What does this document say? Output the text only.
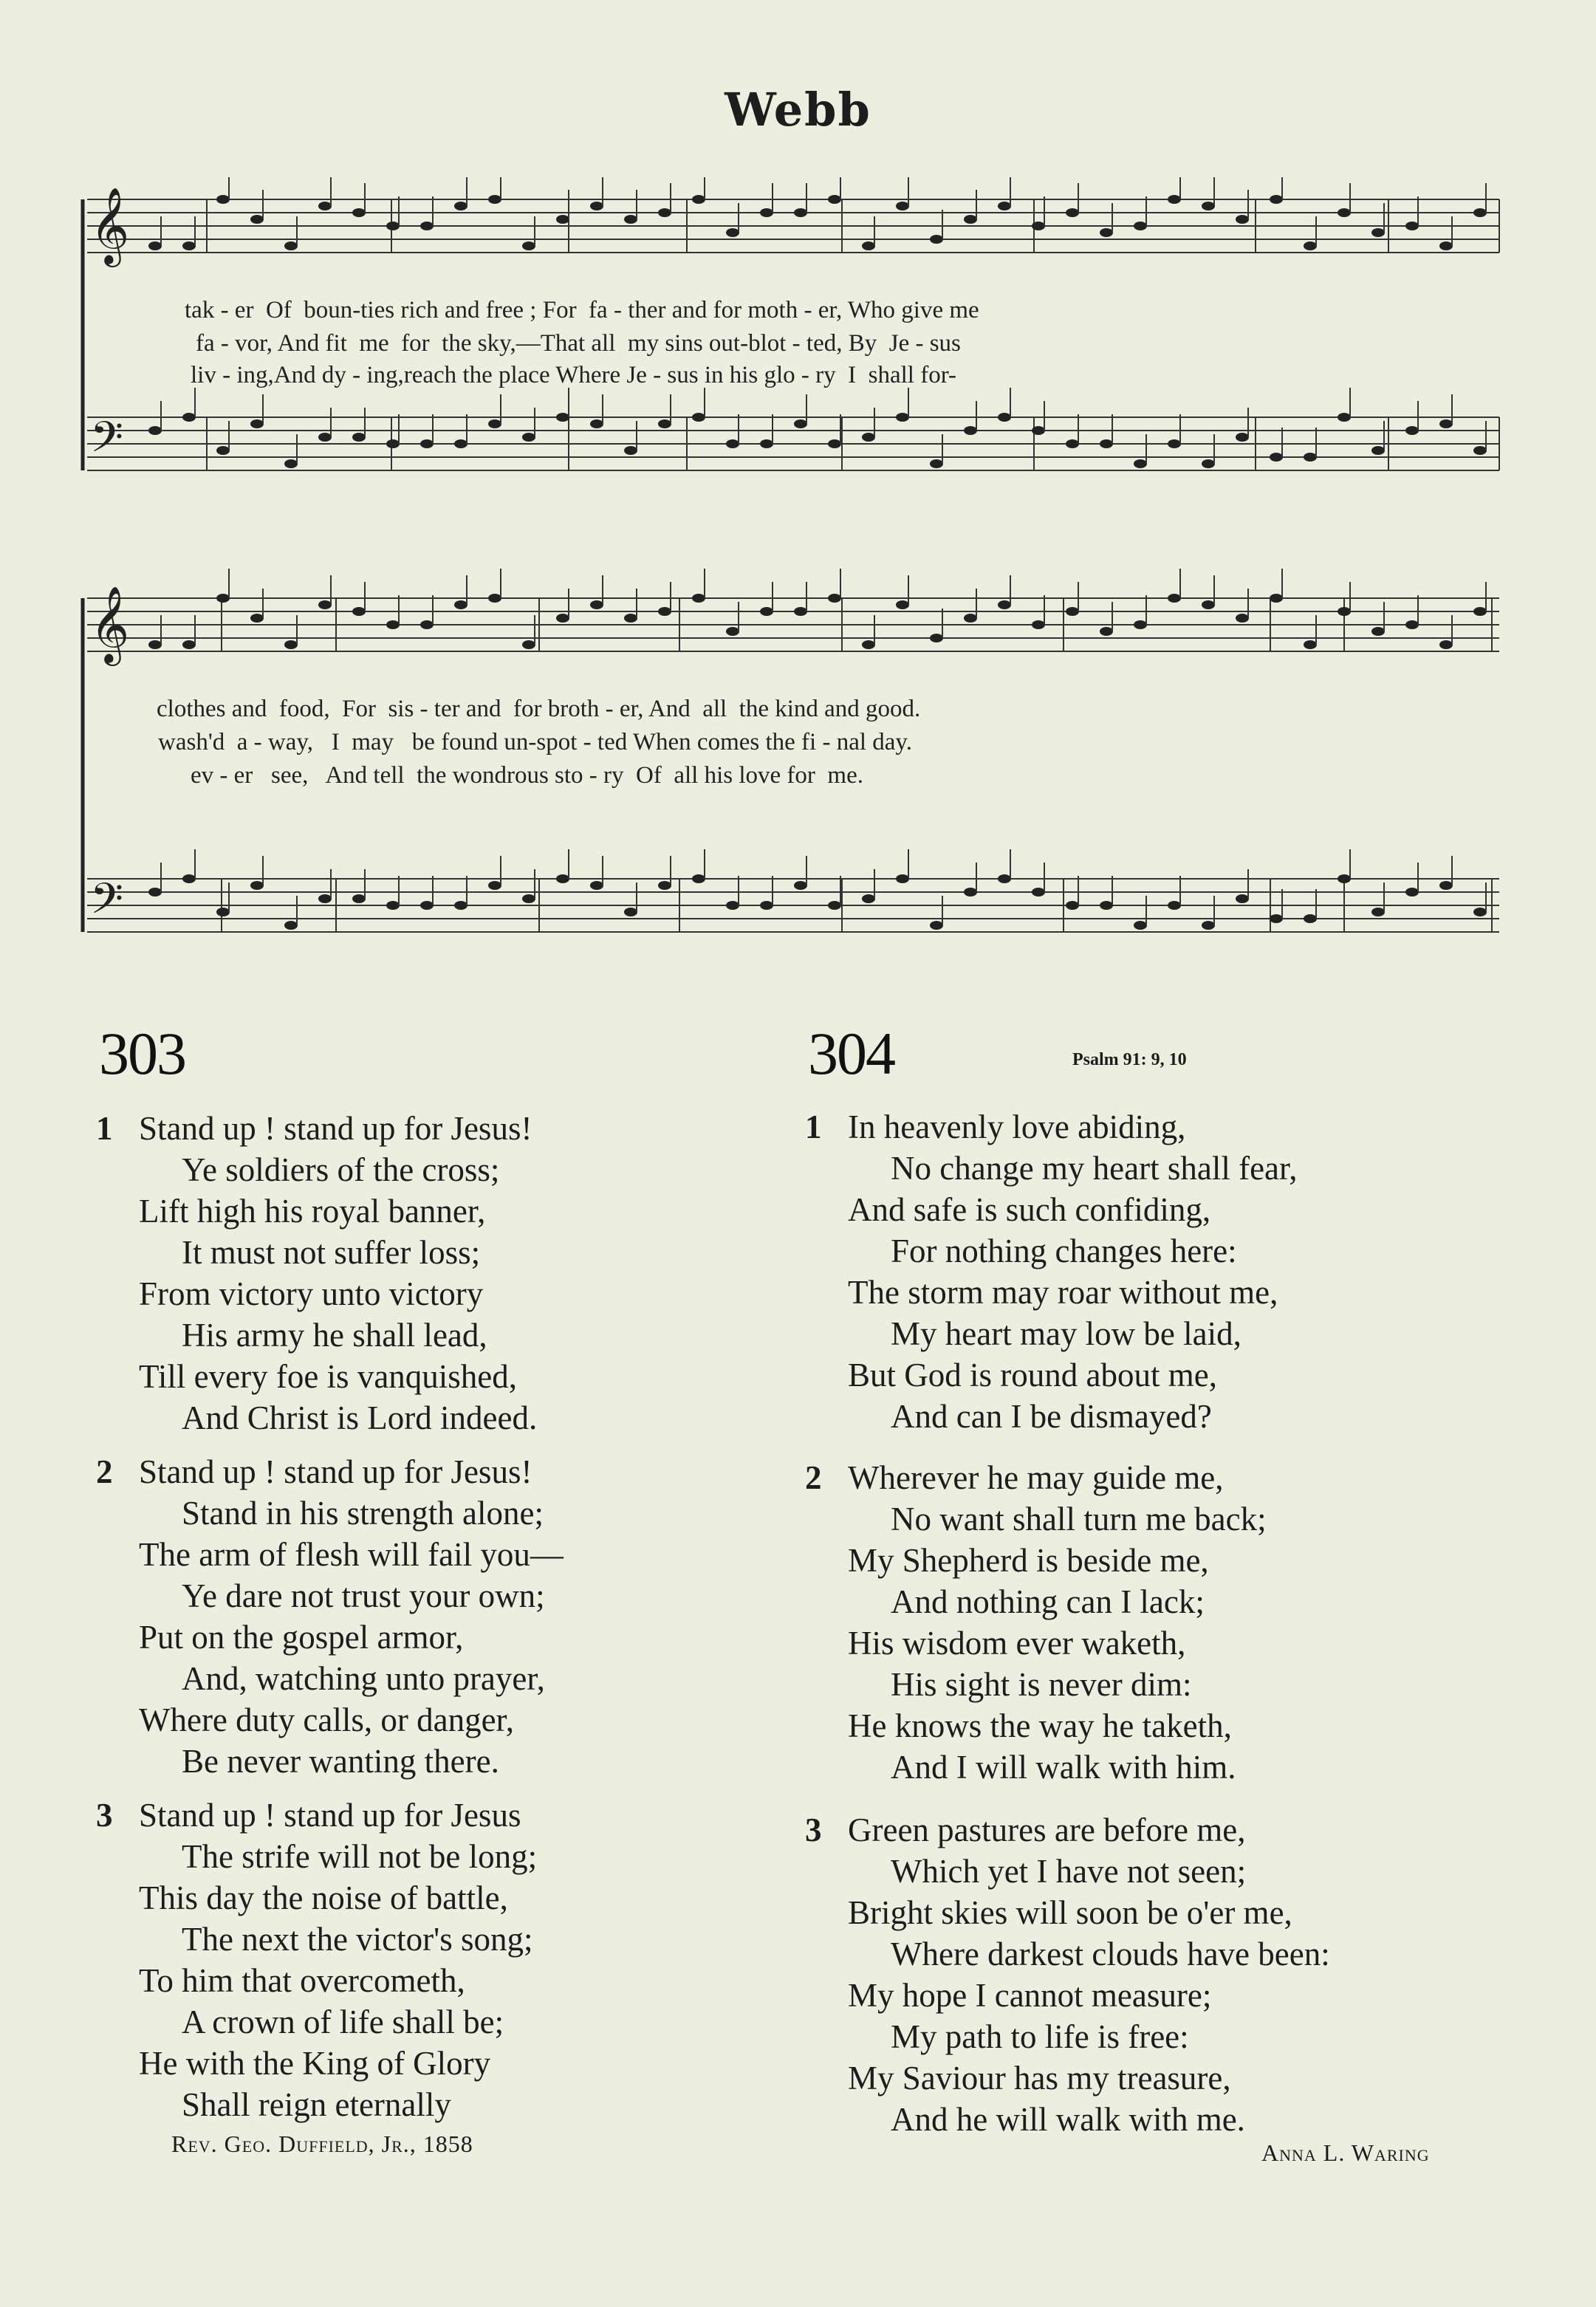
Webb
𝄞
𝄢
tak - er  Of  boun-ties rich and free ; For  fa - ther and for moth - er, Who give me
fa - vor, And fit  me  for  the sky,—That all  my sins out-blot - ted, By  Je - sus
liv - ing,And dy - ing,reach the place Where Je - sus in his glo - ry  I  shall for-
𝄞
𝄢
clothes and  food,  For  sis - ter and  for broth - er, And  all  the kind and good.
wash'd  a - way,   I  may   be found un-spot - ted When comes the fi - nal day.
ev - er   see,   And tell  the wondrous sto - ry  Of  all his love for  me.
303
1 Stand up ! stand up for Jesus!
Ye soldiers of the cross;
Lift high his royal banner,
It must not suffer loss;
From victory unto victory
His army he shall lead,
Till every foe is vanquished,
And Christ is Lord indeed.
2 Stand up ! stand up for Jesus!
Stand in his strength alone;
The arm of flesh will fail you—
Ye dare not trust your own;
Put on the gospel armor,
And, watching unto prayer,
Where duty calls, or danger,
Be never wanting there.
3 Stand up ! stand up for Jesus
The strife will not be long;
This day the noise of battle,
The next the victor's song;
To him that overcometh,
A crown of life shall be;
He with the King of Glory
Shall reign eternally
Rev. Geo. Duffield, Jr., 1858
304	Psalm 91: 9, 10
1 In heavenly love abiding,
No change my heart shall fear,
And safe is such confiding,
For nothing changes here:
The storm may roar without me,
My heart may low be laid,
But God is round about me,
And can I be dismayed?
2 Wherever he may guide me,
No want shall turn me back;
My Shepherd is beside me,
And nothing can I lack;
His wisdom ever waketh,
His sight is never dim:
He knows the way he taketh,
And I will walk with him.
3 Green pastures are before me,
Which yet I have not seen;
Bright skies will soon be o'er me,
Where darkest clouds have been:
My hope I cannot measure;
My path to life is free:
My Saviour has my treasure,
And he will walk with me.
Anna L. Waring
